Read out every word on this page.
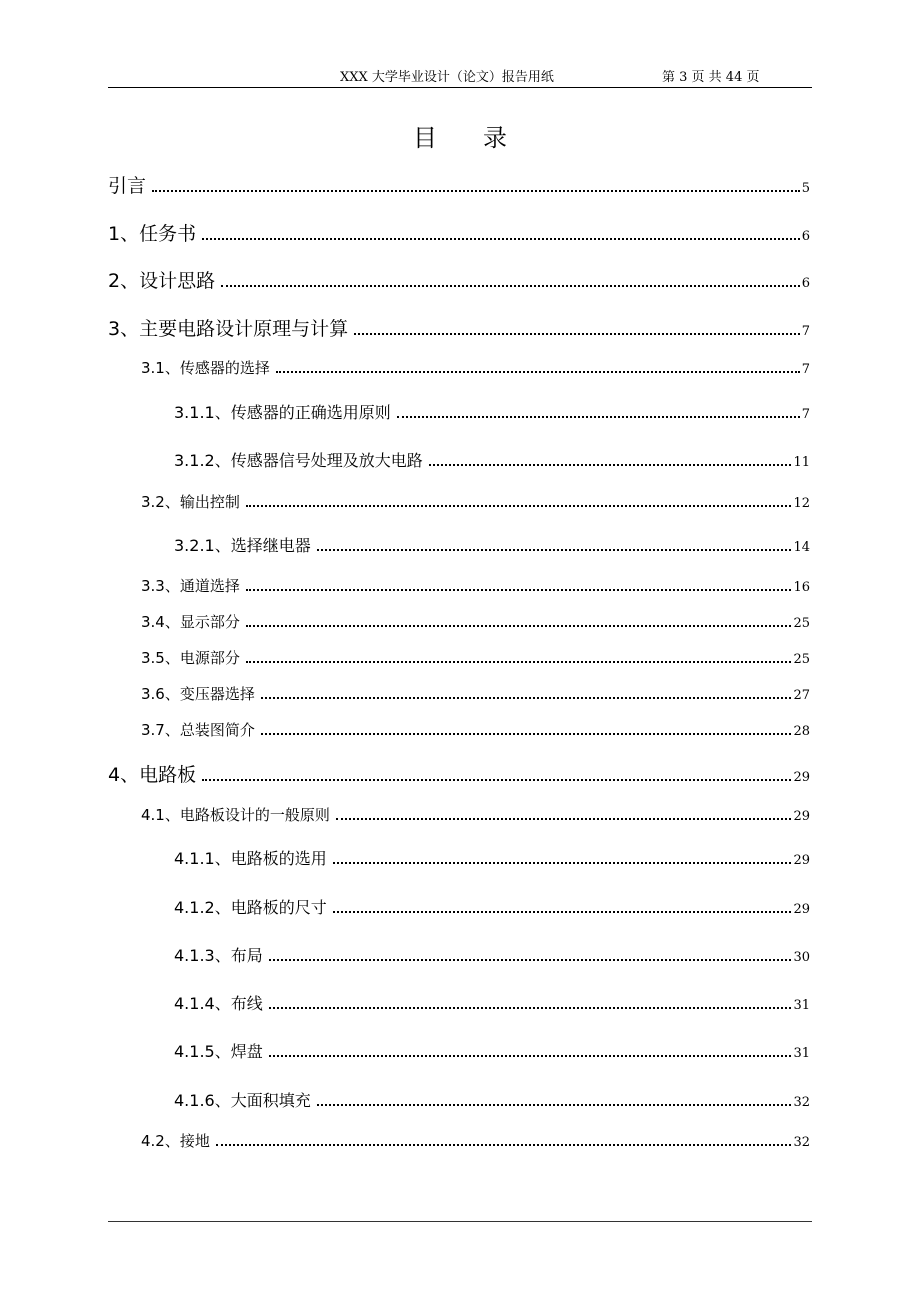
XXX 大学毕业设计（论文）报告用纸	第 3 页 共 44 页
目录
引言	5
1、任务书	6
2、设计思路	6
3、主要电路设计原理与计算	7
3.1、传感器的选择	7
3.1.1、传感器的正确选用原则	7
3.1.2、传感器信号处理及放大电路	11
3.2、输出控制	12
3.2.1、选择继电器	14
3.3、通道选择	16
3.4、显示部分	25
3.5、电源部分	25
3.6、变压器选择	27
3.7、总装图简介	28
4、电路板	29
4.1、电路板设计的一般原则	29
4.1.1、电路板的选用	29
4.1.2、电路板的尺寸	29
4.1.3、布局	30
4.1.4、布线	31
4.1.5、焊盘	31
4.1.6、大面积填充	32
4.2、接地	32
